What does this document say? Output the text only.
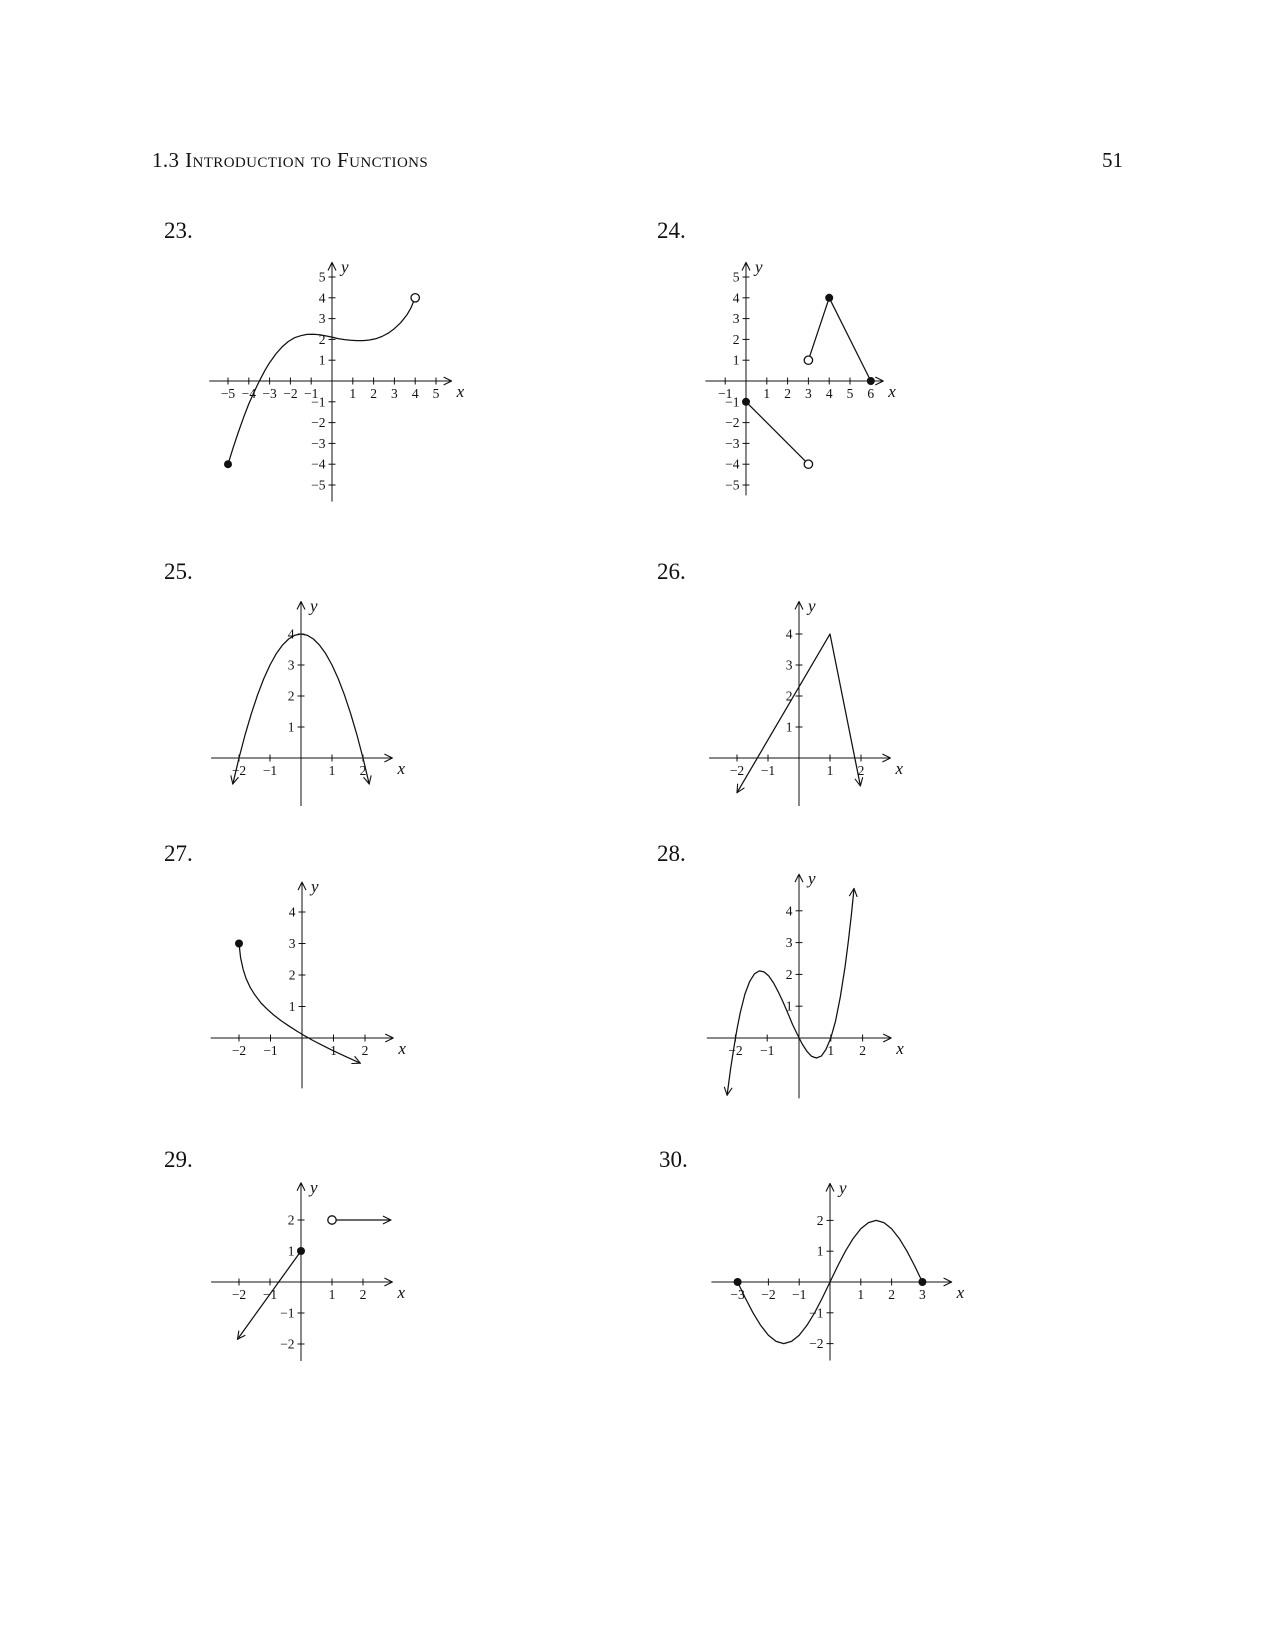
1.3 Introduction to Functions	51
23.
x
y
−5 −4 −3 −2 −1 1 2 3 4 5
−5
−4
−3
−2
−1
1
2
3
4
5
24.
x
y
−1 1 2 3 4 5 6
−5
−4
−3
−2
−1
1
2
3
4
5
25.
x
y
−2 −1	1 2
1
2
3
4
26.
x
y
−2 −1	1 2
1
2
3
4
27.
x
y
−2 −1	1 2
1
2
3
4
28.
x
y
−2 −1	1 2
1
2
3
4
29.
x
y
−2 −1	1 2
−2
−1
1
2
30.
x
y
−3 −2 −1	1 2 3
−2
−1
1
2
